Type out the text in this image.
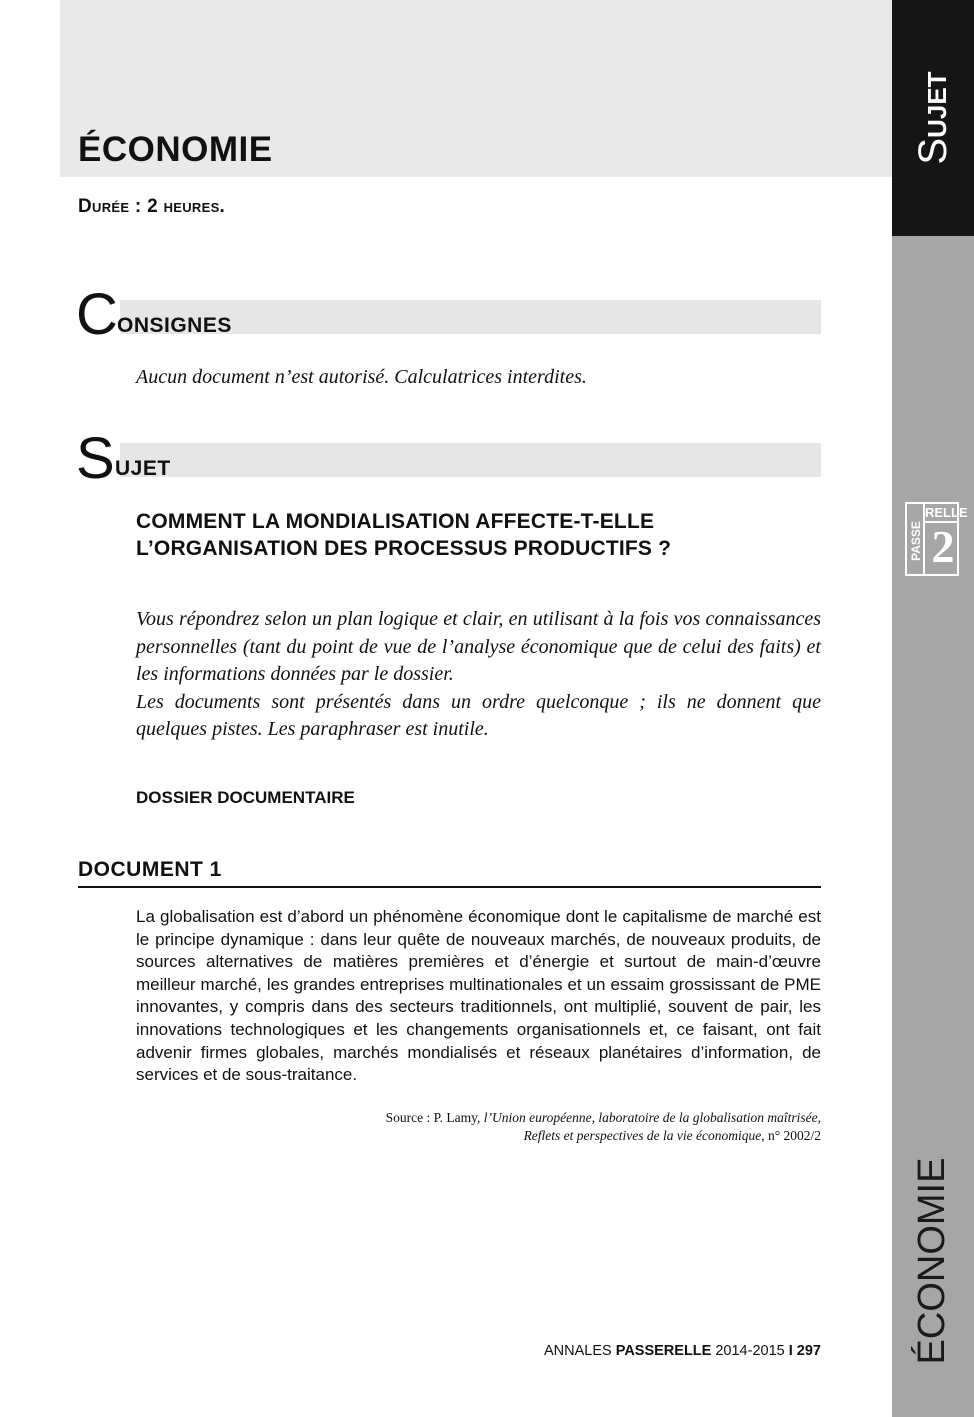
ÉCONOMIE
Durée : 2 heures.
C ONSIGNES
Aucun document n’est autorisé. Calculatrices interdites.
S UJET
COMMENT LA MONDIALISATION AFFECTE-T-ELLE
L’ORGANISATION DES PROCESSUS PRODUCTIFS ?

Vous répondrez selon un plan logique et clair, en utilisant à la fois vos connaissances personnelles (tant du point de vue de l’analyse économique que de celui des faits) et les informations données par le dossier.

Les documents sont présentés dans un ordre quelconque ; ils ne donnent que quelques pistes. Les paraphraser est inutile.

DOSSIER DOCUMENTAIRE
DOCUMENT 1
La globalisation est d’abord un phénomène économique dont le capitalisme de marché est le principe dynamique : dans leur quête de nouveaux marchés, de nouveaux produits, de sources alternatives de matières premières et d’énergie et surtout de main-d’œuvre meilleur marché, les grandes entreprises multinationales et un essaim grossissant de PME innovantes, y compris dans des secteurs traditionnels, ont multiplié, souvent de pair, les innovations technologiques et les changements organisationnels et, ce faisant, ont fait advenir firmes globales, marchés mondialisés et réseaux planétaires d’information, de services et de sous-traitance.
Source : P. Lamy, l’Union européenne, laboratoire de la globalisation maîtrisée,
Reflets et perspectives de la vie économique, n° 2002/2
ANNALES PASSERELLE 2014-2015 I 297
SUJET
RELLE
PASSE 2
ÉCONOMIE
